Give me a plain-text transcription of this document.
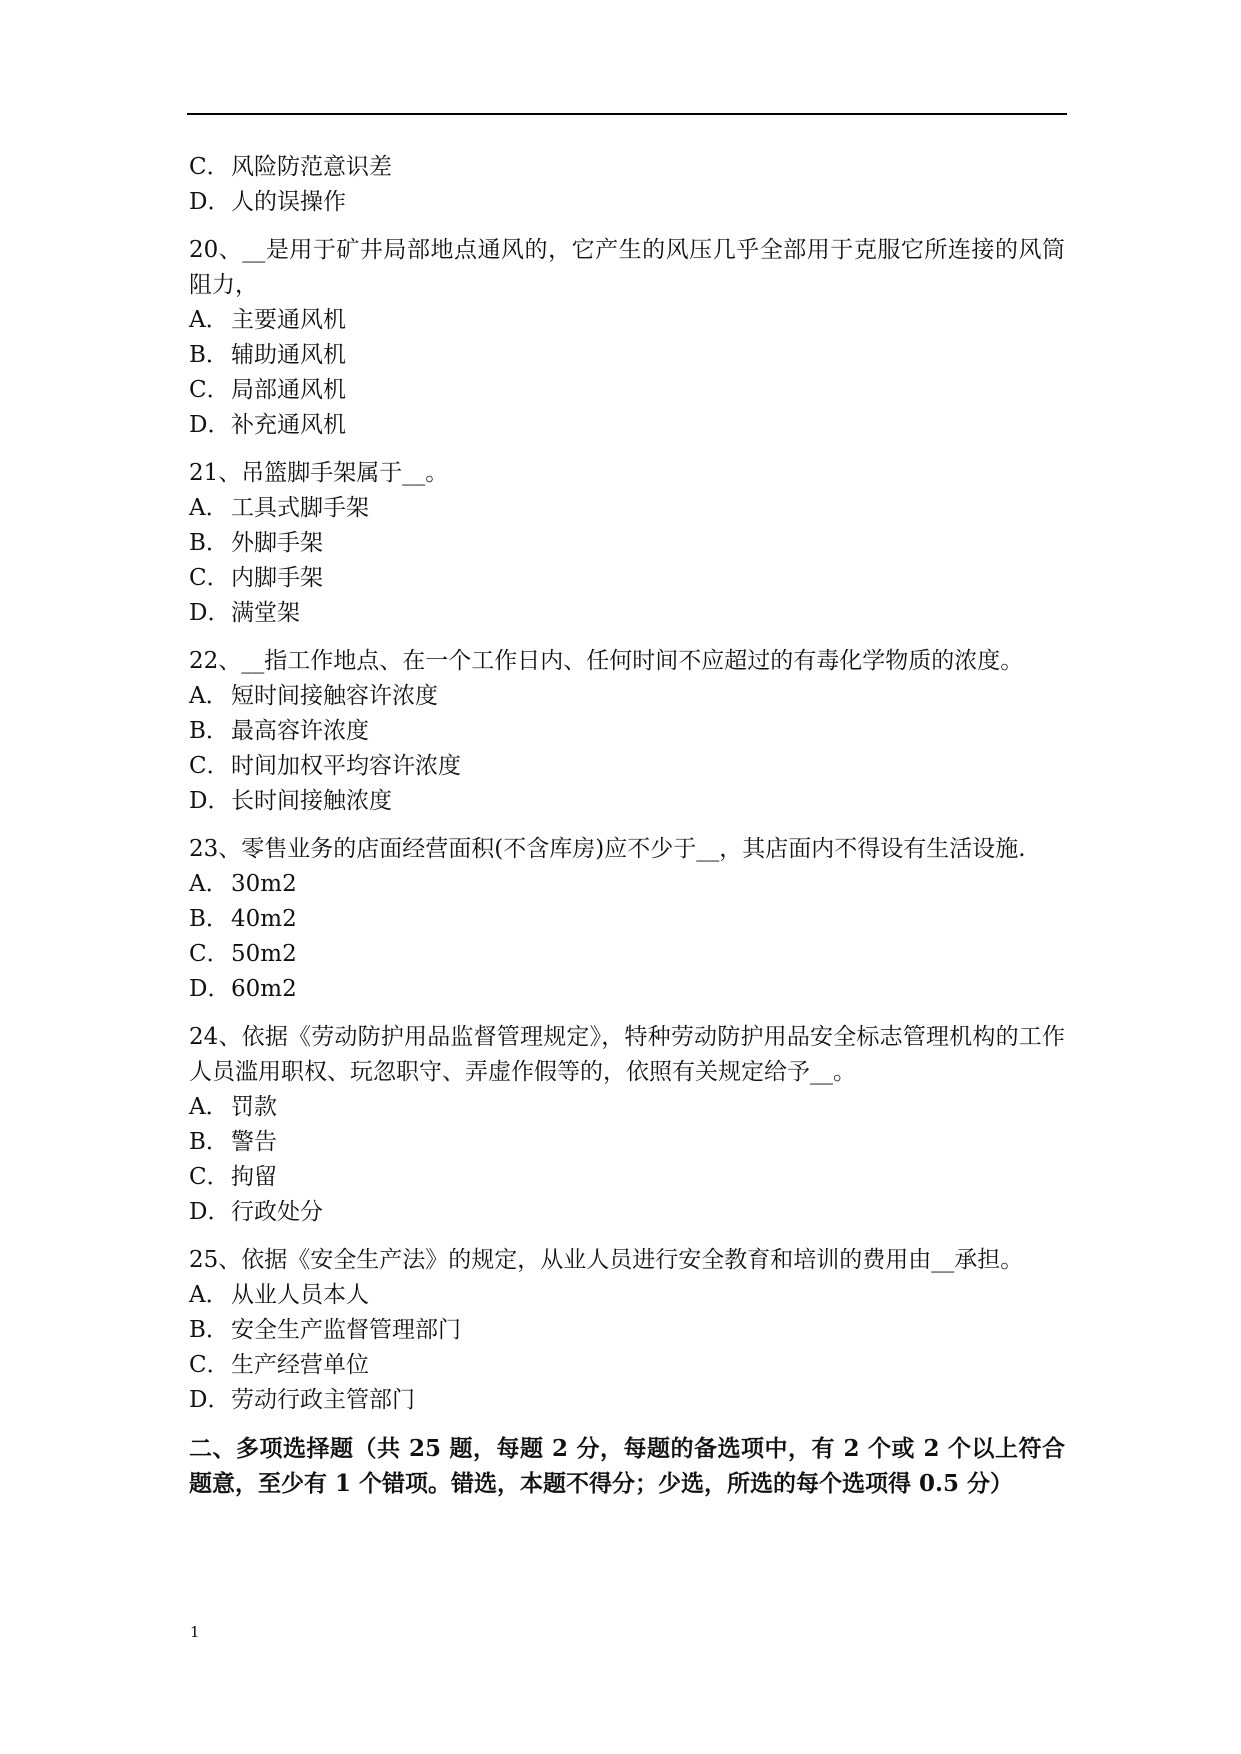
C．风险防范意识差
D．人的误操作
20、__是用于矿井局部地点通风的，它产生的风压几乎全部用于克服它所连接的风筒阻力，
A． 主要通风机
B．辅助通风机
C．局部通风机
D．补充通风机
21、吊篮脚手架属于__。
A． 工具式脚手架
B．外脚手架
C．内脚手架
D．满堂架
22、__指工作地点、在一个工作日内、任何时间不应超过的有毒化学物质的浓度。
A． 短时间接触容许浓度
B．最高容许浓度
C．时间加权平均容许浓度
D．长时间接触浓度
23、零售业务的店面经营面积(不含库房)应不少于__，其店面内不得设有生活设施.
A． 30m2
B．40m2
C．50m2
D．60m2
24、依据《劳动防护用品监督管理规定》，特种劳动防护用品安全标志管理机构的工作人员滥用职权、玩忽职守、弄虚作假等的，依照有关规定给予__。
A． 罚款
B．警告
C．拘留
D．行政处分
25、依据《安全生产法》的规定，从业人员进行安全教育和培训的费用由__承担。
A． 从业人员本人
B．安全生产监督管理部门
C．生产经营单位
D．劳动行政主管部门
二、多项选择题（共 25 题，每题 2 分，每题的备选项中，有 2 个或 2 个以上符合题意，至少有 1 个错项。错选，本题不得分；少选，所选的每个选项得 0.5 分）
1
